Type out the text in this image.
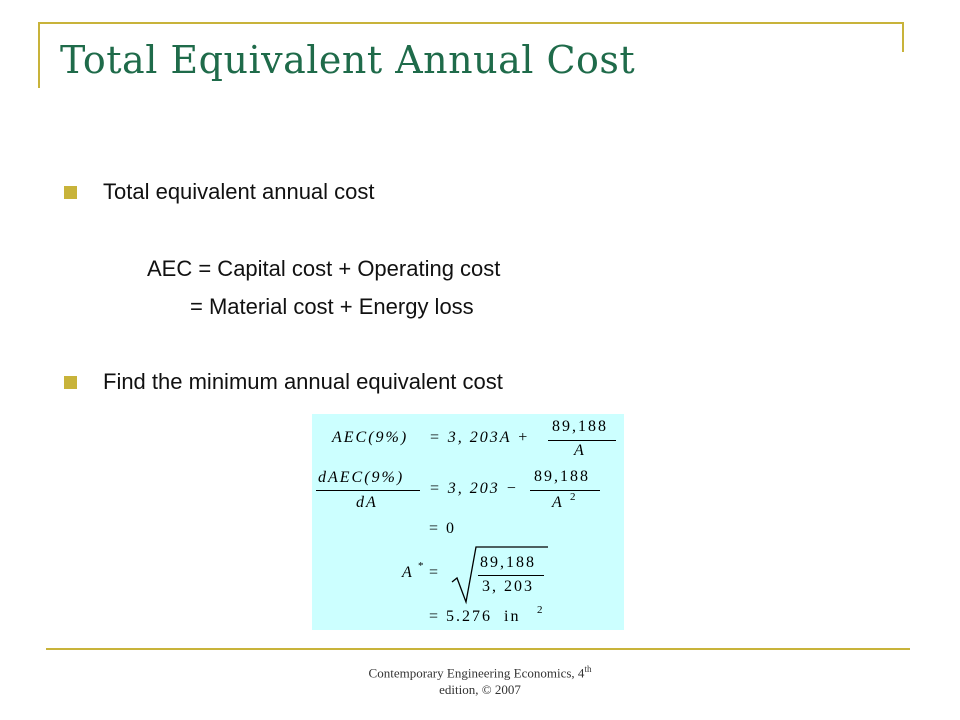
Total Equivalent Annual Cost
Total equivalent annual cost
AEC = Capital cost + Operating cost
= Material cost + Energy loss
Find the minimum annual equivalent cost
AEC(9%) = 3, 203A +
89,188
A
dAEC(9%)
dA
= 3, 203 −
89,188
A 2
= 0
A * =
89,188
3, 203
= 5.276  in 2
Contemporary Engineering Economics, 4th
edition, © 2007
